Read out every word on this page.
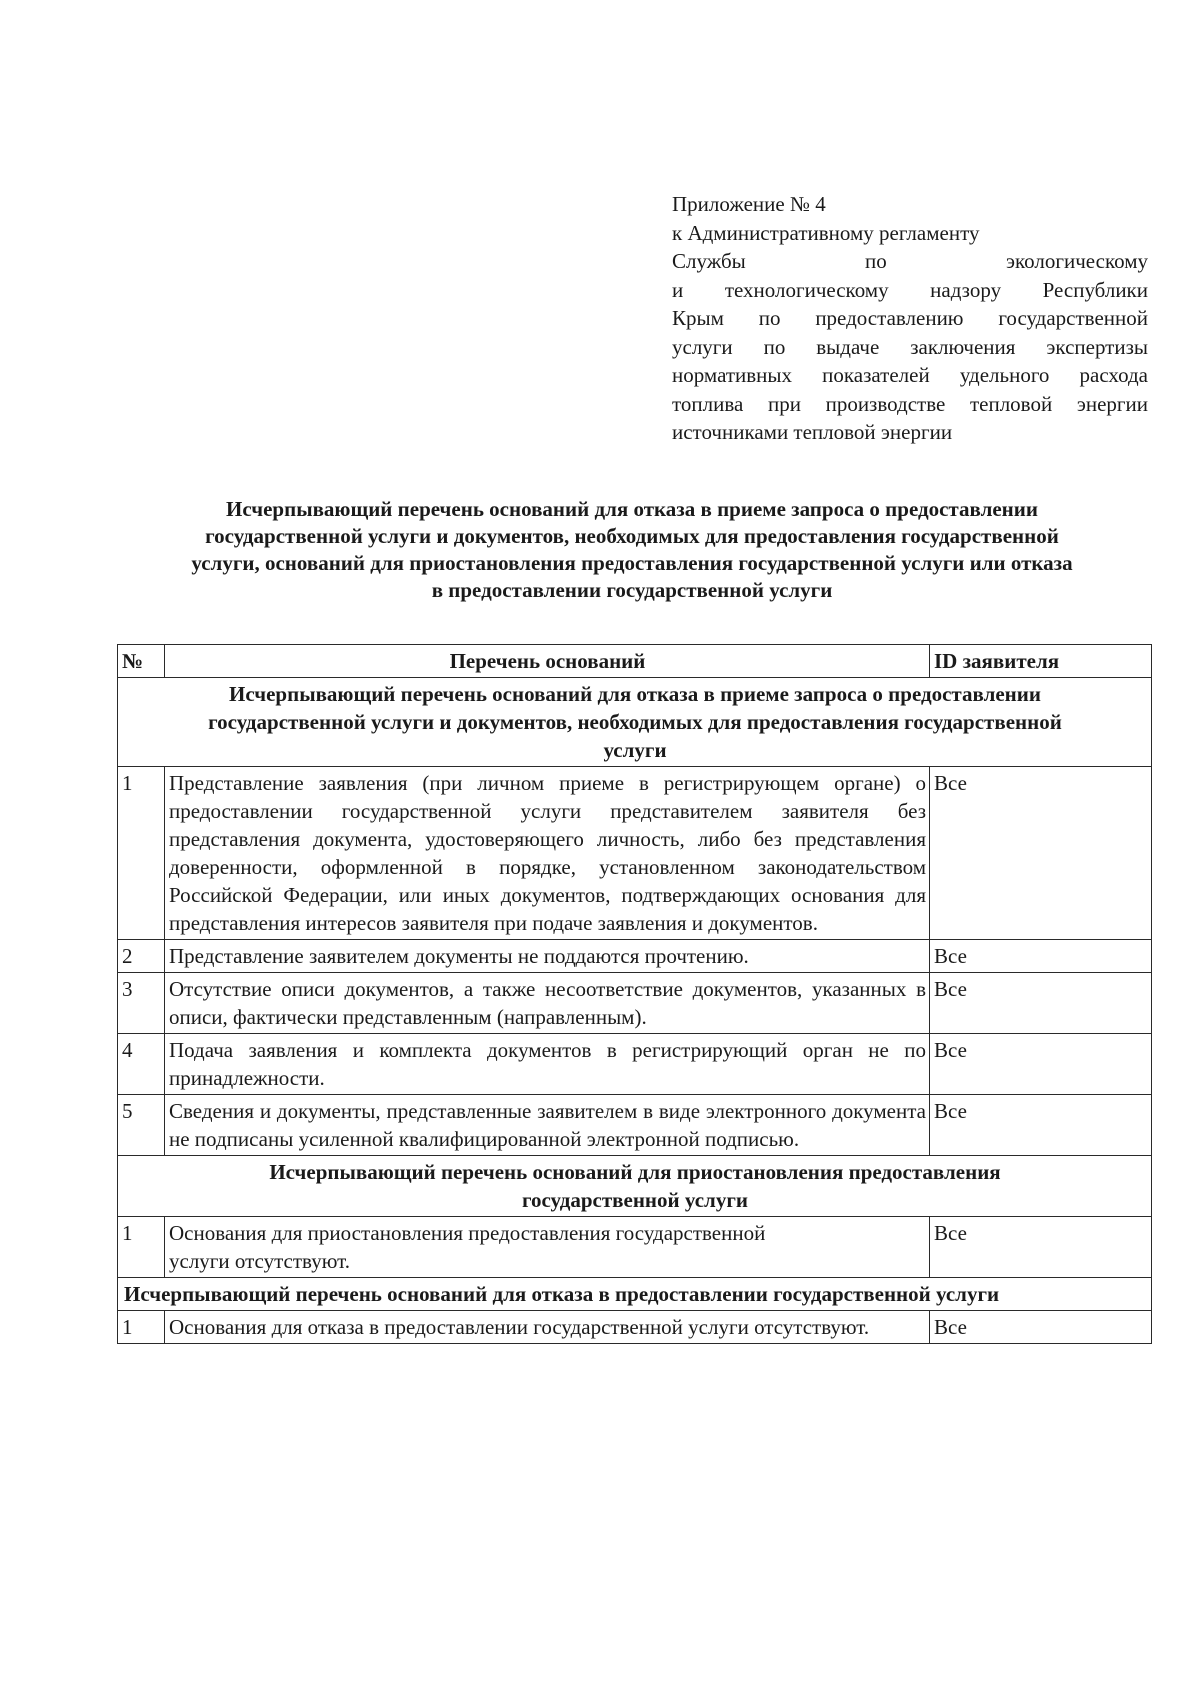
Приложение № 4
к Административному регламенту
Службы по экологическому
и технологическому надзору Республики
Крым по предоставлению государственной
услуги по выдаче заключения экспертизы
нормативных показателей удельного расхода
топлива при производстве тепловой энергии
источниками тепловой энергии
Исчерпывающий перечень оснований для отказа в приеме запроса о предоставлении
государственной услуги и документов, необходимых для предоставления государственной
услуги, оснований для приостановления предоставления государственной услуги или отказа
в предоставлении государственной услуги
№	Перечень оснований	ID заявителя

Исчерпывающий перечень оснований для отказа в приеме запроса о предоставлении
государственной услуги и документов, необходимых для предоставления государственной
услуги		

1	Представление заявления (при личном приеме в регистрирующем органе) о предоставлении государственной услуги представителем заявителя без представления документа, удостоверяющего личность, либо без представления доверенности, оформленной в порядке, установленном законодательством Российской Федерации, или иных документов, подтверждающих основания для представления интересов заявителя при подаче заявления и документов.	Все
2	Представление заявителем документы не поддаются прочтению.	Все
3	Отсутствие описи документов, а также несоответствие документов, указанных в описи, фактически представленным (направленным).	Все
4	Подача заявления и комплекта документов в регистрирующий орган не по принадлежности.	Все
5	Сведения и документы, представленные заявителем в виде электронного документа не подписаны усиленной квалифицированной электронной подписью.	Все

Исчерпывающий перечень оснований для приостановления предоставления
государственной услуги		

1	Основания для приостановления предоставления государственной
услуги отсутствуют.	Все

Исчерпывающий перечень оснований для отказа в предоставлении государственной услуги		

1	Основания для отказа в предоставлении государственной услуги отсутствуют.	Все
